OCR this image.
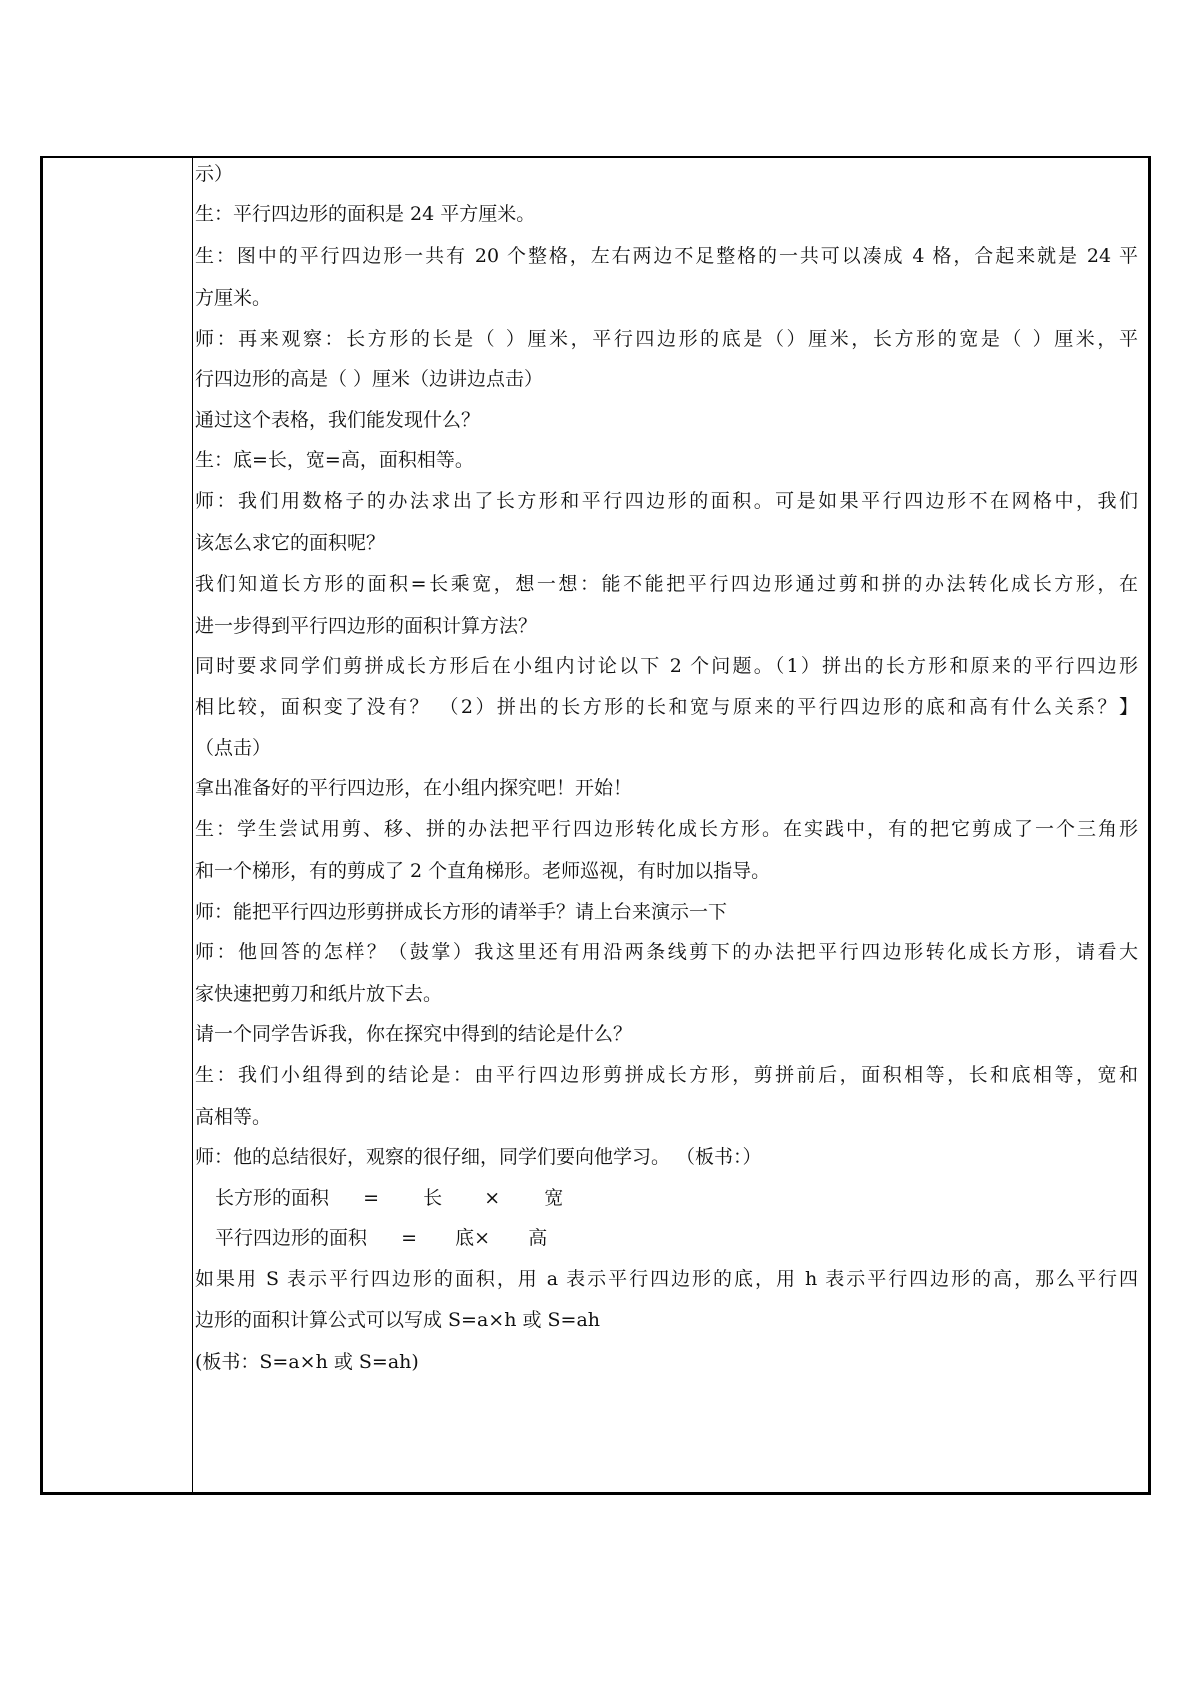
示）
生：平行四边形的面积是 24 平方厘米。
生：图中的平行四边形一共有 20 个整格，左右两边不足整格的一共可以凑成 4 格，合起来就是 24 平
方厘米。
师：再来观察：长方形的长是（ ）厘米，平行四边形的底是（）厘米，长方形的宽是（ ）厘米，平
行四边形的高是（ ）厘米（边讲边点击）
通过这个表格，我们能发现什么？
生：底=长，宽=高，面积相等。
师：我们用数格子的办法求出了长方形和平行四边形的面积。可是如果平行四边形不在网格中，我们
该怎么求它的面积呢？
我们知道长方形的面积=长乘宽，想一想：能不能把平行四边形通过剪和拼的办法转化成长方形，在
进一步得到平行四边形的面积计算方法？
同时要求同学们剪拼成长方形后在小组内讨论以下 2 个问题。（1）拼出的长方形和原来的平行四边形
相比较，面积变了没有？ （2）拼出的长方形的长和宽与原来的平行四边形的底和高有什么关系？】
（点击）
拿出准备好的平行四边形，在小组内探究吧！开始！
生：学生尝试用剪、移、拼的办法把平行四边形转化成长方形。在实践中，有的把它剪成了一个三角形
和一个梯形，有的剪成了 2 个直角梯形。老师巡视，有时加以指导。
师：能把平行四边形剪拼成长方形的请举手？请上台来演示一下
师：他回答的怎样？（鼓掌）我这里还有用沿两条线剪下的办法把平行四边形转化成长方形，请看大
家快速把剪刀和纸片放下去。
请一个同学告诉我，你在探究中得到的结论是什么？
生：我们小组得到的结论是：由平行四边形剪拼成长方形，剪拼前后，面积相等，长和底相等，宽和
高相等。
师：他的总结很好，观察的很仔细，同学们要向他学习。 （板书：）
长方形的面积 = 长 × 宽
平行四边形的面积 = 底× 高
如果用 S 表示平行四边形的面积，用 a 表示平行四边形的底，用 h 表示平行四边形的高，那么平行四
边形的面积计算公式可以写成 S=a×h 或 S=ah
(板书：S=a×h 或 S=ah)
